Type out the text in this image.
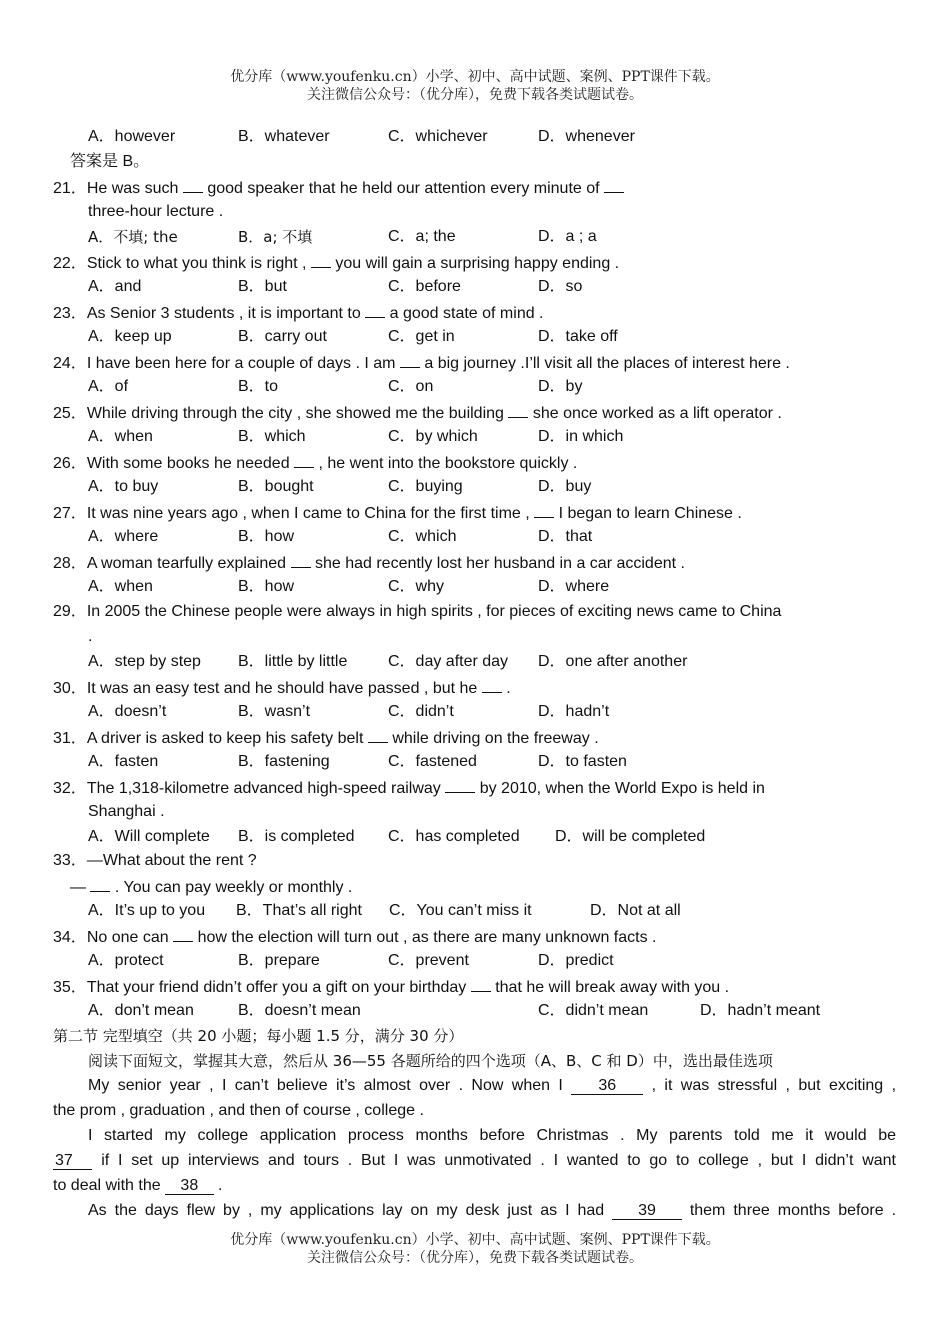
优分库（www.youfenku.cn）小学、初中、高中试题、案例、PPT课件下载。
关注微信公众号：（优分库），免费下载各类试题试卷。
A．however	B．whatever	C．whichever	D．whenever
答案是 B。
21．He was such good speaker that he held our attention every minute of
three-hour lecture .
A．不填; the	B．a; 不填	C．a; the	D．a ; a
22．Stick to what you think is right , you will gain a surprising happy ending .
A．and	B．but	C．before	D．so
23．As Senior 3 students , it is important to a good state of mind .
A．keep up	B．carry out	C．get in	D．take off
24．I have been here for a couple of days . I am a big journey .I’ll visit all the places of interest here .
A．of	B．to	C．on	D．by
25．While driving through the city , she showed me the building she once worked as a lift operator .
A．when	B．which	C．by which	D．in which
26．With some books he needed , he went into the bookstore quickly .
A．to buy	B．bought	C．buying	D．buy
27．It was nine years ago , when I came to China for the first time , I began to learn Chinese .
A．where	B．how	C．which	D．that
28．A woman tearfully explained she had recently lost her husband in a car accident .
A．when	B．how	C．why	D．where
29．In 2005 the Chinese people were always in high spirits , for pieces of exciting news came to China
.
A．step by step B．little by little	C．day after day D．one after another
30．It was an easy test and he should have passed , but he .
A．doesn’t	B．wasn’t	C．didn’t	D．hadn’t
31．A driver is asked to keep his safety belt while driving on the freeway .
A．fasten	B．fastening	C．fastened	D．to fasten
32．The 1,318-kilometre advanced high-speed railway by 2010, when the World Expo is held in
Shanghai .
A．Will complete B．is completed C．has completed D．will be completed
33．—What about the rent ?
— . You can pay weekly or monthly .
A．It’s up to you B．That’s all right C．You can’t miss it	D．Not at all
34．No one can how the election will turn out , as there are many unknown facts .
A．protect	B．prepare	C．prevent	D．predict
35．That your friend didn’t offer you a gift on your birthday that he will break away with you .
A．don’t mean	B．doesn’t mean	C．didn’t mean	D．hadn’t meant
第二节 完型填空（共 20 小题；每小题 1.5 分，满分 30 分）
阅读下面短文，掌握其大意，然后从 36—55 各题所给的四个选项（A、B、C 和 D）中，选出最佳选项
My senior year , I can’t believe it’s almost over . Now when I 36 , it was stressful , but exciting ,
the prom , graduation , and then of course , college .
I started my college application process months before Christmas . My parents told me it would be
37 if I set up interviews and tours . But I was unmotivated . I wanted to go to college , but I didn’t want
to deal with the 38 .
As the days flew by , my applications lay on my desk just as I had 39 them three months before .
优分库（www.youfenku.cn）小学、初中、高中试题、案例、PPT课件下载。
关注微信公众号：（优分库），免费下载各类试题试卷。
